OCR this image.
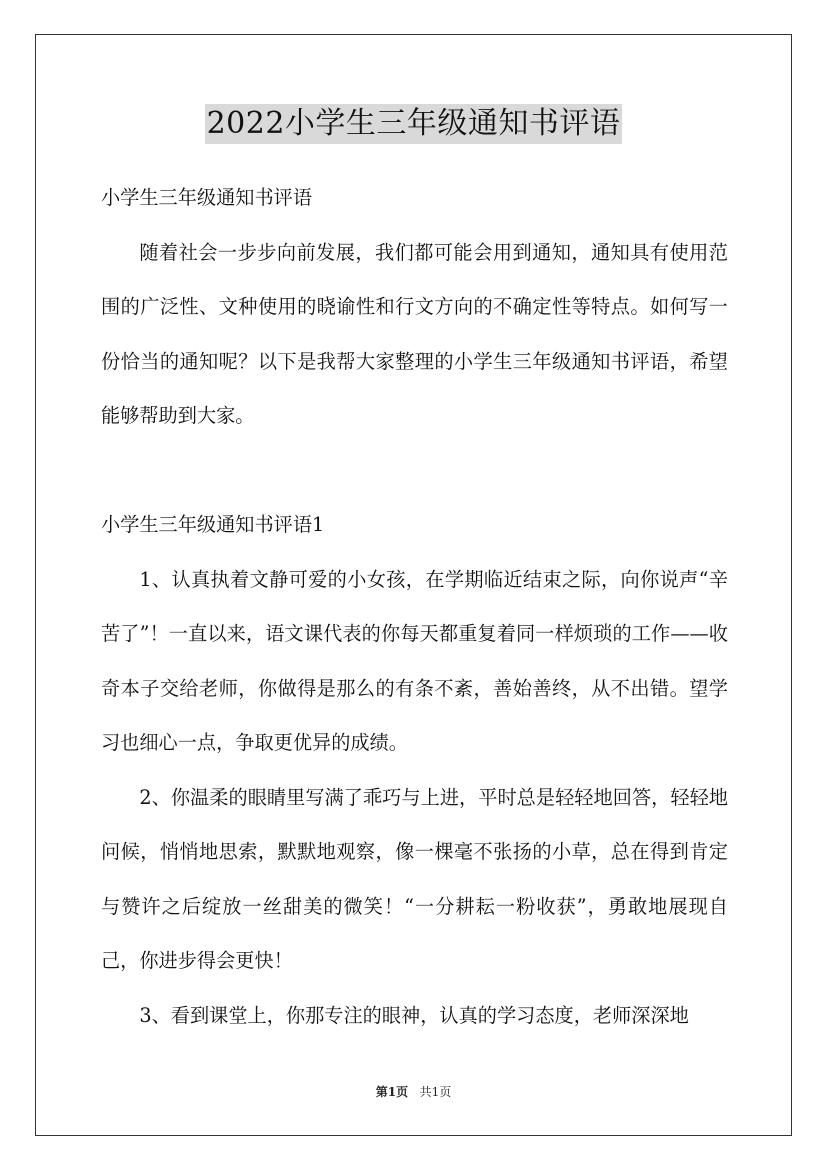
2022小学生三年级通知书评语

小学生三年级通知书评语

随着社会一步步向前发展，我们都可能会用到通知，通知具有使用范围的广泛性、文种使用的晓谕性和行文方向的不确定性等特点。如何写一份恰当的通知呢？以下是我帮大家整理的小学生三年级通知书评语，希望能够帮助到大家。

小学生三年级通知书评语1

1、认真执着文静可爱的小女孩，在学期临近结束之际，向你说声“辛苦了”！一直以来，语文课代表的你每天都重复着同一样烦琐的工作——收奇本子交给老师，你做得是那么的有条不紊，善始善终，从不出错。望学习也细心一点，争取更优异的成绩。

2、你温柔的眼睛里写满了乖巧与上进，平时总是轻轻地回答，轻轻地问候，悄悄地思索，默默地观察，像一棵毫不张扬的小草，总在得到肯定与赞许之后绽放一丝甜美的微笑！“一分耕耘一粉收获”，勇敢地展现自己，你进步得会更快！

3、看到课堂上，你那专注的眼神，认真的学习态度，老师深深地

第1页 共1页
